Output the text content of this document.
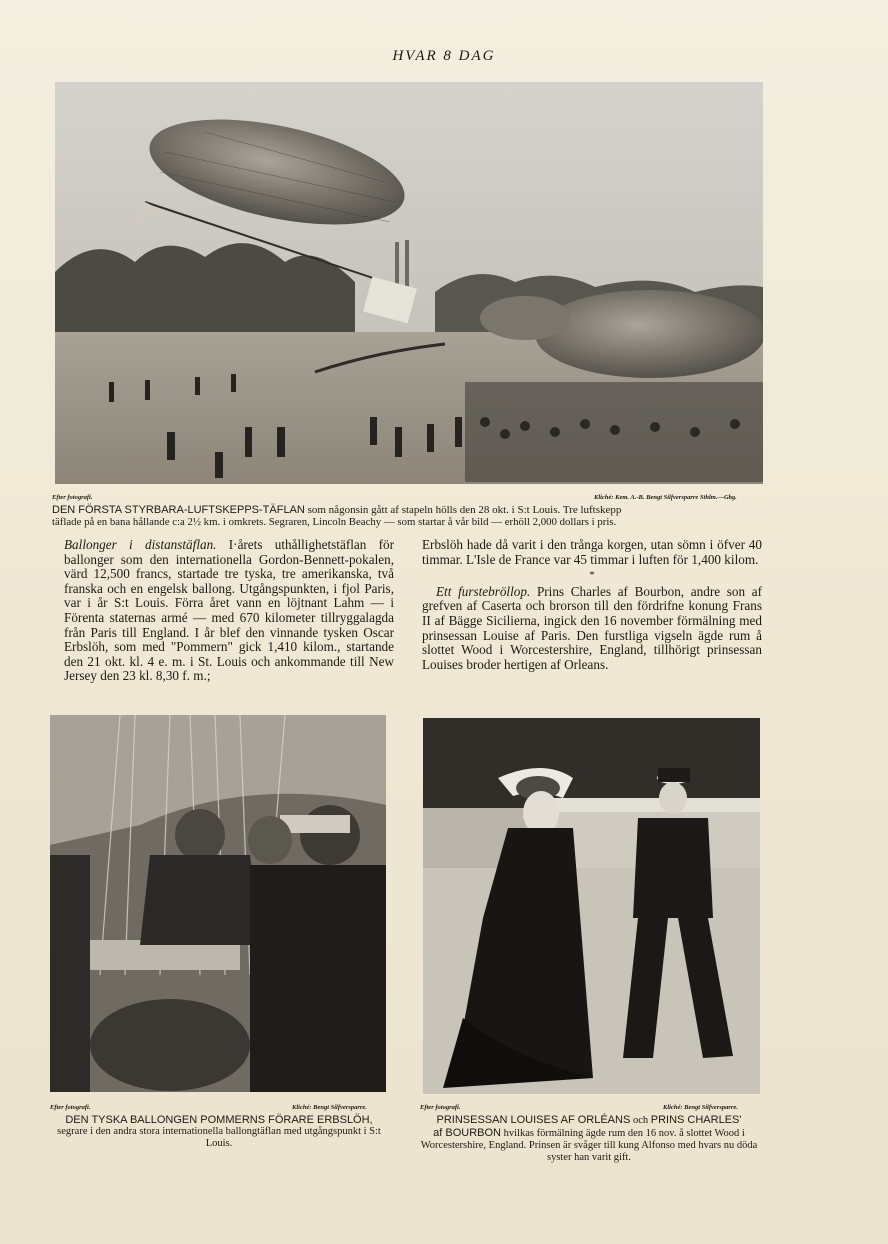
HVAR 8 DAG
Efter fotografi.	Kliché: Kem. A.-B. Bengt Silfversparre Sthlm.—Gbg.
DEN FÖRSTA STYRBARA-LUFTSKEPPS-TÄFLAN som någonsin gått af stapeln hölls den 28 okt. i S:t Louis. Tre luftskepp
täflade på en bana hållande c:a 2½ km. i omkrets. Segraren, Lincoln Beachy — som startar å vår bild — erhöll 2,000 dollars i pris.

Ballonger i distanstäflan. I·årets uthållighetstäflan för ballonger som den internationella Gordon-Bennett-pokalen, värd 12,500 francs, startade tre tyska, tre amerikanska, två franska och en engelsk ballong. Utgångspunkten, i fjol Paris, var i år S:t Louis. Förra året vann en löjtnant Lahm — i Förenta staternas armé — med 670 kilometer tillryggalagda från Paris till England. I år blef den vinnande tysken Oscar Erbslöh, som med "Pommern" gick 1,410 kilom., startande den 21 okt. kl. 4 e. m. i St. Louis och ankommande till New Jersey den 23 kl. 8,30 f. m.;

Erbslöh hade då varit i den trånga korgen, utan sömn i öfver 40 timmar. L'Isle de France var 45 timmar i luften för 1,400 kilom.

*

Ett furstebröllop. Prins Charles af Bourbon, andre son af grefven af Caserta och brorson till den fördrifne konung Frans II af Bägge Sicilierna, ingick den 16 november förmälning med prinsessan Louise af Paris. Den furstliga vigseln ägde rum å slottet Wood i Worcestershire, England, tillhörigt prinsessan Louises broder hertigen af Orleans.

Efter fotografi.	Kliché: Bengt Silfversparre.
DEN TYSKA BALLONGEN POMMERNS FÖRARE ERBSLÖH,
segrare i den andra stora internationella ballongtäflan med utgångspunkt i S:t Louis.
Efter fotografi.	Kliché: Bengt Silfversparre.
PRINSESSAN LOUISES AF ORLÉANS och PRINS CHARLES'
af BOURBON hvilkas förmälning ägde rum den 16 nov. å slottet Wood i Worcestershire, England. Prinsen är svåger till kung Alfonso med hvars nu döda syster han varit gift.
